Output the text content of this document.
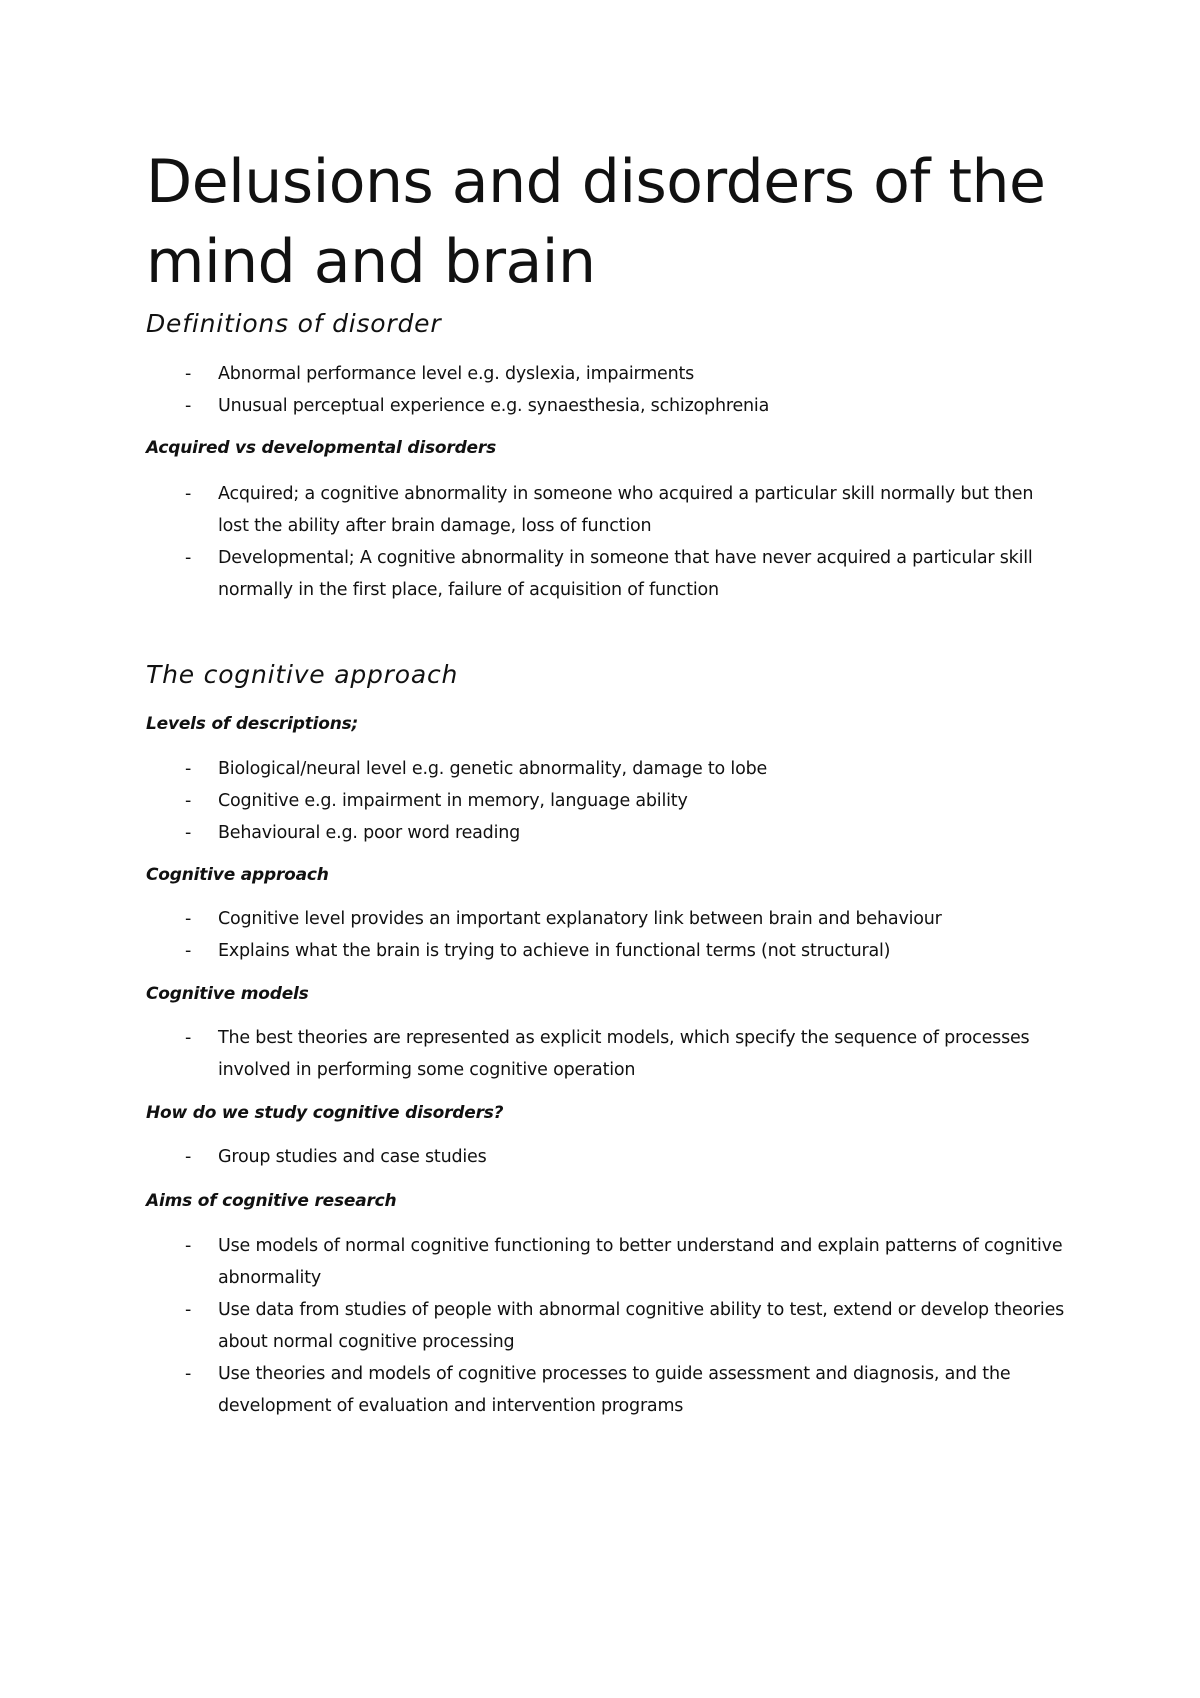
Delusions and disorders of the mind and brain
Definitions of disorder
- Abnormal performance level e.g. dyslexia, impairments
- Unusual perceptual experience e.g. synaesthesia, schizophrenia
Acquired vs developmental disorders
- Acquired; a cognitive abnormality in someone who acquired a particular skill normally but then lost the ability after brain damage, loss of function
- Developmental; A cognitive abnormality in someone that have never acquired a particular skill normally in the first place, failure of acquisition of function
The cognitive approach
Levels of descriptions;
- Biological/neural level e.g. genetic abnormality, damage to lobe
- Cognitive e.g. impairment in memory, language ability
- Behavioural e.g. poor word reading
Cognitive approach
- Cognitive level provides an important explanatory link between brain and behaviour
- Explains what the brain is trying to achieve in functional terms (not structural)
Cognitive models
- The best theories are represented as explicit models, which specify the sequence of processes involved in performing some cognitive operation
How do we study cognitive disorders?
- Group studies and case studies
Aims of cognitive research
- Use models of normal cognitive functioning to better understand and explain patterns of cognitive abnormality
- Use data from studies of people with abnormal cognitive ability to test, extend or develop theories about normal cognitive processing
- Use theories and models of cognitive processes to guide assessment and diagnosis, and the development of evaluation and intervention programs
